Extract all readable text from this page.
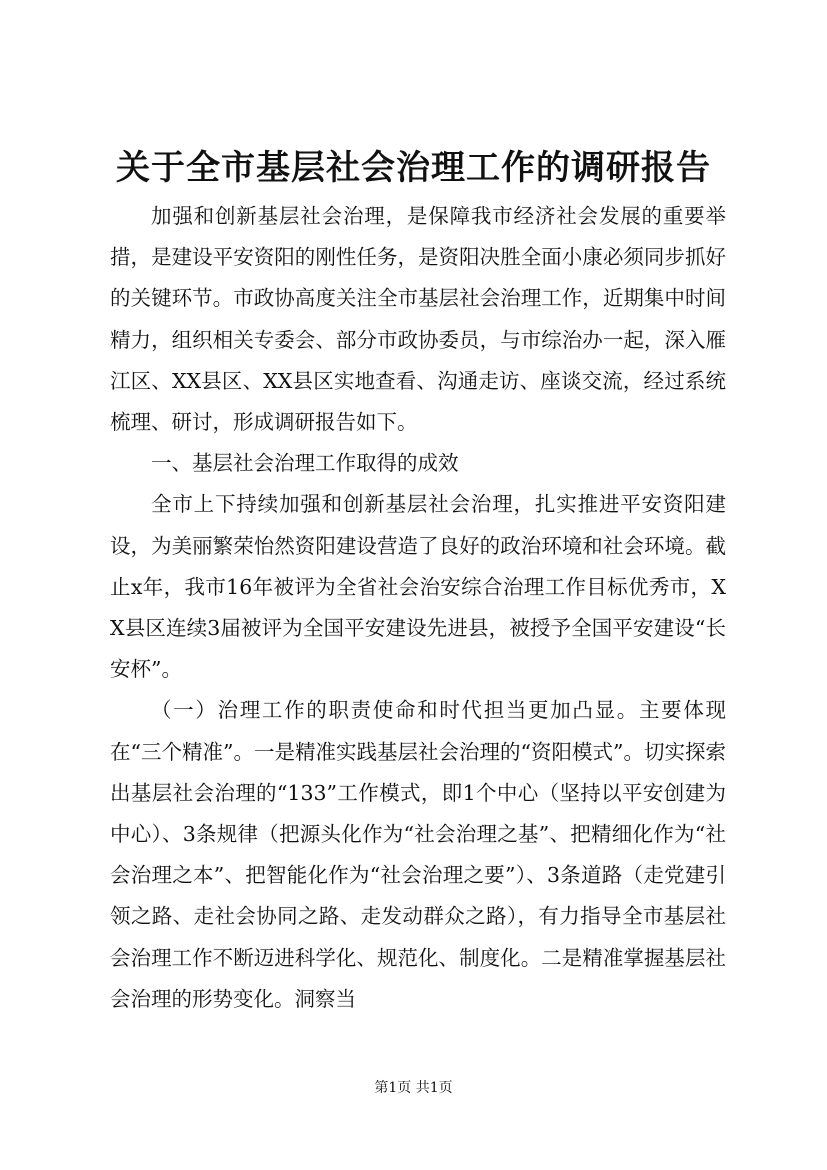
关于全市基层社会治理工作的调研报告

加强和创新基层社会治理，是保障我市经济社会发展的重要举措，是建设平安资阳的刚性任务，是资阳决胜全面小康必须同步抓好的关键环节。市政协高度关注全市基层社会治理工作，近期集中时间精力，组织相关专委会、部分市政协委员，与市综治办一起，深入雁江区、XX县区、XX县区实地查看、沟通走访、座谈交流，经过系统梳理、研讨，形成调研报告如下。

一、基层社会治理工作取得的成效

全市上下持续加强和创新基层社会治理，扎实推进平安资阳建设，为美丽繁荣怡然资阳建设营造了良好的政治环境和社会环境。截止x年，我市16年被评为全省社会治安综合治理工作目标优秀市，XX县区连续3届被评为全国平安建设先进县，被授予全国平安建设“长安杯”。

（一）治理工作的职责使命和时代担当更加凸显。主要体现在“三个精准”。一是精准实践基层社会治理的“资阳模式”。切实探索出基层社会治理的“133”工作模式，即1个中心（坚持以平安创建为中心）、3条规律（把源头化作为“社会治理之基”、把精细化作为“社会治理之本”、把智能化作为“社会治理之要”）、3条道路（走党建引领之路、走社会协同之路、走发动群众之路），有力指导全市基层社会治理工作不断迈进科学化、规范化、制度化。二是精准掌握基层社会治理的形势变化。洞察当

第1页 共1页
